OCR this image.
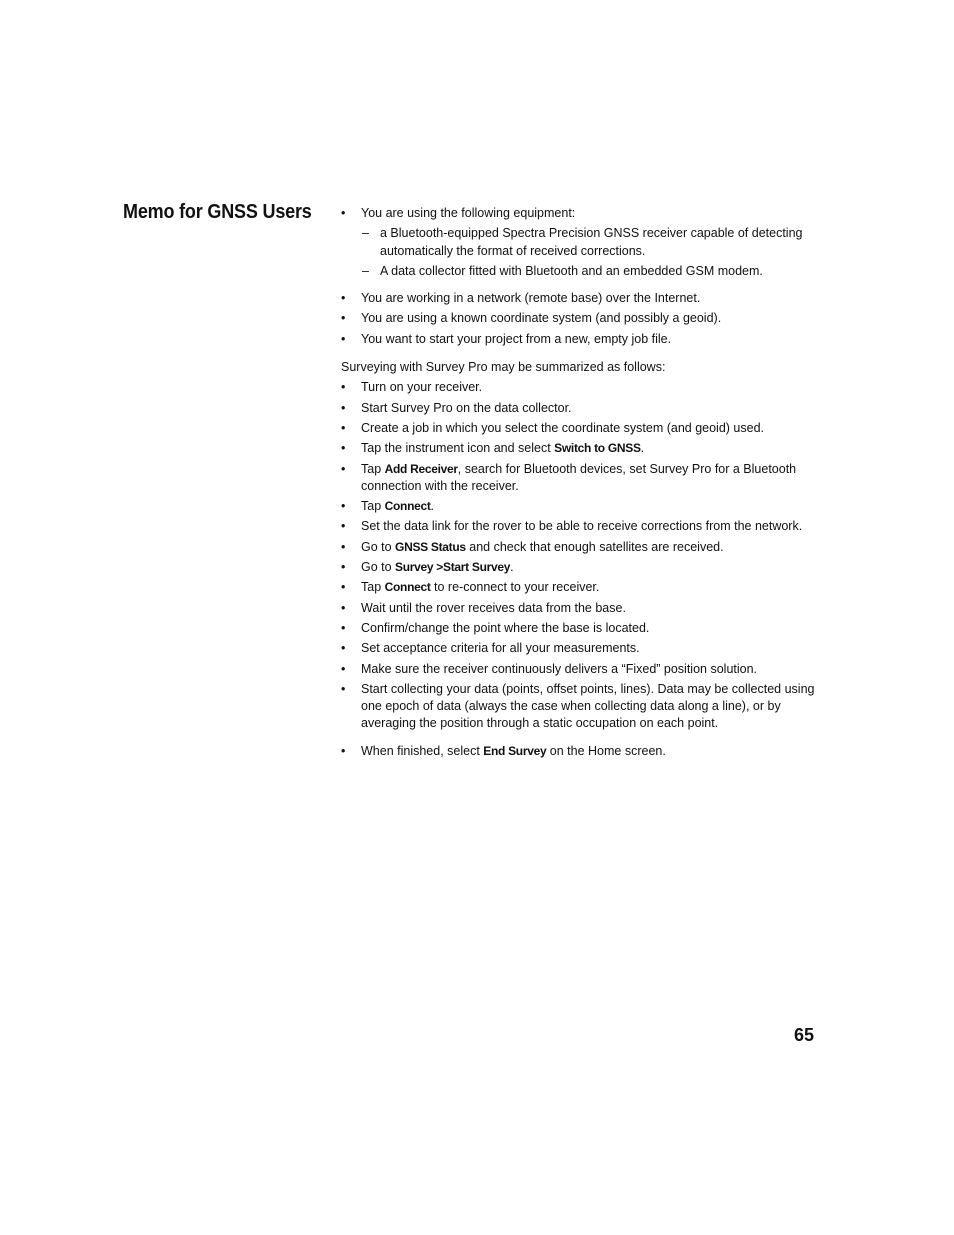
Memo for GNSS Users • You are using the following equipment:
– a Bluetooth-equipped Spectra Precision GNSS receiver capable of detecting automatically the format of received corrections.
– A data collector fitted with Bluetooth and an embedded GSM modem.
• You are working in a network (remote base) over the Internet.
• You are using a known coordinate system (and possibly a geoid).
• You want to start your project from a new, empty job file.
Surveying with Survey Pro may be summarized as follows:
• Turn on your receiver.
• Start Survey Pro on the data collector.
• Create a job in which you select the coordinate system (and geoid) used.
• Tap the instrument icon and select Switch to GNSS.
• Tap Add Receiver, search for Bluetooth devices, set Survey Pro for a Bluetooth connection with the receiver.
• Tap Connect.
• Set the data link for the rover to be able to receive corrections from the network.
• Go to GNSS Status and check that enough satellites are received.
• Go to Survey >Start Survey.
• Tap Connect to re-connect to your receiver.
• Wait until the rover receives data from the base.
• Confirm/change the point where the base is located.
• Set acceptance criteria for all your measurements.
• Make sure the receiver continuously delivers a “Fixed” position solution.
• Start collecting your data (points, offset points, lines). Data may be collected using one epoch of data (always the case when collecting data along a line), or by averaging the position through a static occupation on each point.
• When finished, select End Survey on the Home screen.
65
